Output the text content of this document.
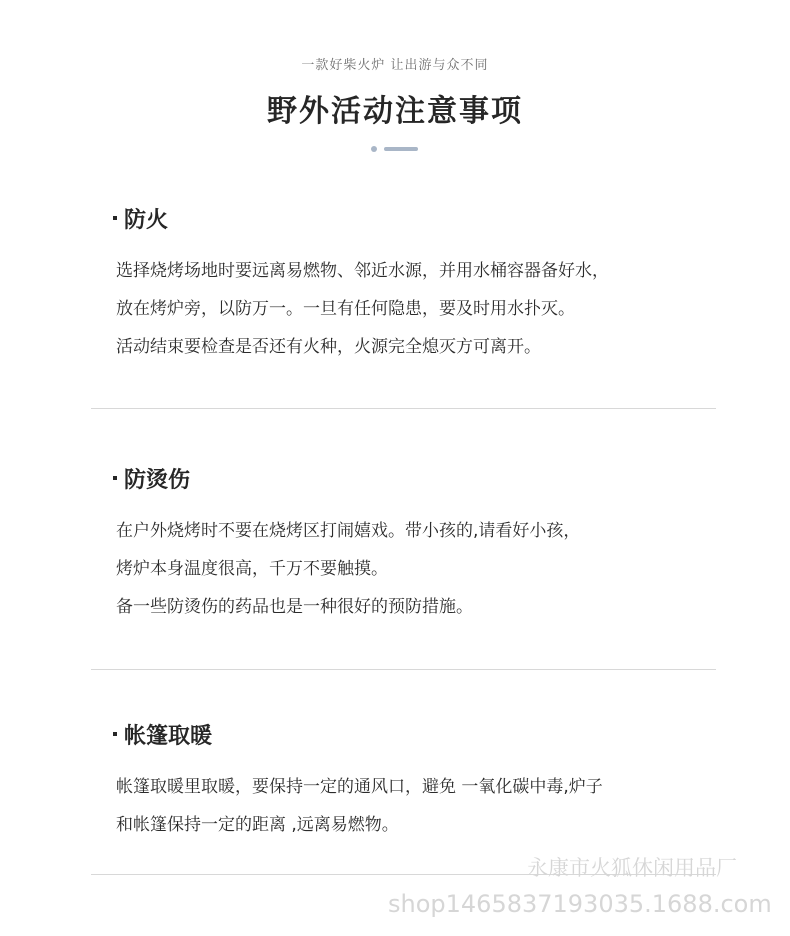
一款好柴火炉 让出游与众不同
野外活动注意事项
防火
选择烧烤场地时要远离易燃物、邻近水源，并用水桶容器备好水，
放在烤炉旁，以防万一。一旦有任何隐患，要及时用水扑灭。
活动结束要检查是否还有火种，火源完全熄灭方可离开。
防烫伤
在户外烧烤时不要在烧烤区打闹嬉戏。带小孩的,请看好小孩，
烤炉本身温度很高，千万不要触摸。
备一些防烫伤的药品也是一种很好的预防措施。
帐篷取暖
帐篷取暖里取暖，要保持一定的通风口，避免 一氧化碳中毒,炉子
和帐篷保持一定的距离 ,远离易燃物。
永康市火狐休闲用品厂
shop1465837193035.1688.com
